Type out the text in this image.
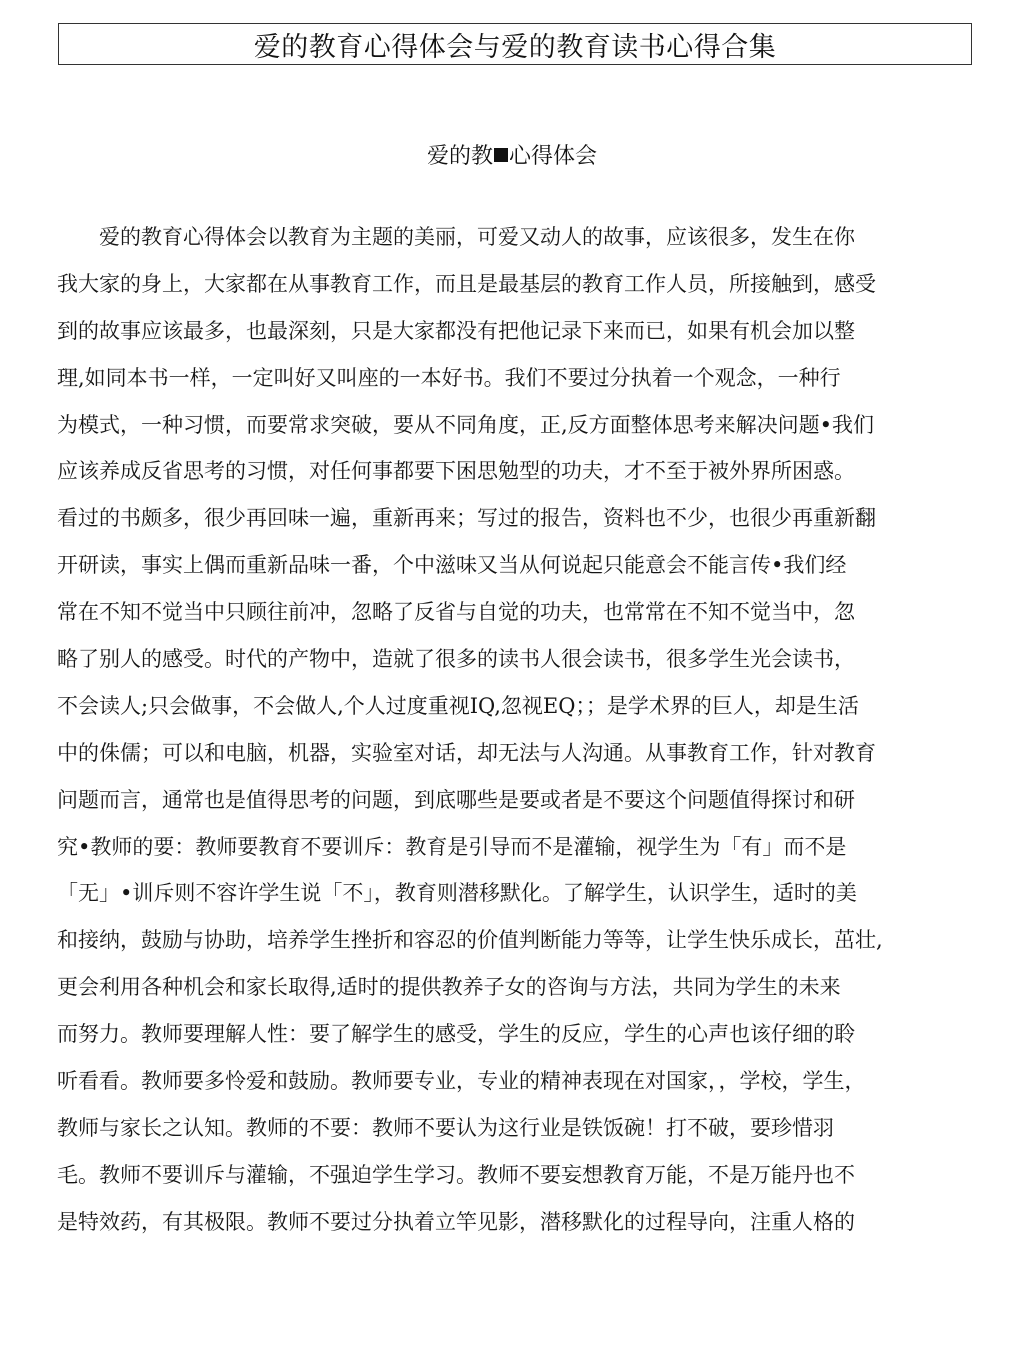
爱的教育心得体会与爱的教育读书心得合集
爱的教 心得体会
　　爱的教育心得体会以教育为主题的美丽，可爱又动人的故事，应该很多，发生在你
我大家的身上，大家都在从事教育工作，而且是最基层的教育工作人员，所接触到，感受
到的故事应该最多，也最深刻，只是大家都没有把他记录下来而已，如果有机会加以整
理,如同本书一样，一定叫好又叫座的一本好书。我们不要过分执着一个观念，一种行
为模式，一种习惯，而要常求突破，要从不同角度，正,反方面整体思考来解决问题•我们
应该养成反省思考的习惯，对任何事都要下困思勉型的功夫，才不至于被外界所困惑。
看过的书颇多，很少再回味一遍，重新再来；写过的报告，资料也不少，也很少再重新翻
开研读，事实上偶而重新品味一番，个中滋味又当从何说起只能意会不能言传•我们经
常在不知不觉当中只顾往前冲，忽略了反省与自觉的功夫，也常常在不知不觉当中，忽
略了别人的感受。时代的产物中，造就了很多的读书人很会读书，很多学生光会读书，
不会读人;只会做事，不会做人,个人过度重视IQ,忽视EQ；；是学术界的巨人，却是生活
中的侏儒；可以和电脑，机器，实验室对话，却无法与人沟通。从事教育工作，针对教育
问题而言，通常也是值得思考的问题，到底哪些是要或者是不要这个问题值得探讨和研
究•教师的要：教师要教育不要训斥：教育是引导而不是灌输，视学生为「有」而不是
「无」•训斥则不容许学生说「不」，教育则潜移默化。了解学生，认识学生，适时的美
和接纳，鼓励与协助，培养学生挫折和容忍的价值判断能力等等，让学生快乐成长，茁壮,
更会利用各种机会和家长取得,适时的提供教养子女的咨询与方法，共同为学生的未来
而努力。教师要理解人性：要了解学生的感受，学生的反应，学生的心声也该仔细的聆
听看看。教师要多怜爱和鼓励。教师要专业，专业的精神表现在对国家，，学校，学生，
教师与家长之认知。教师的不要：教师不要认为这行业是铁饭碗！打不破，要珍惜羽
毛。教师不要训斥与灌输，不强迫学生学习。教师不要妄想教育万能，不是万能丹也不
是特效药，有其极限。教师不要过分执着立竿见影，潜移默化的过程导向，注重人格的
